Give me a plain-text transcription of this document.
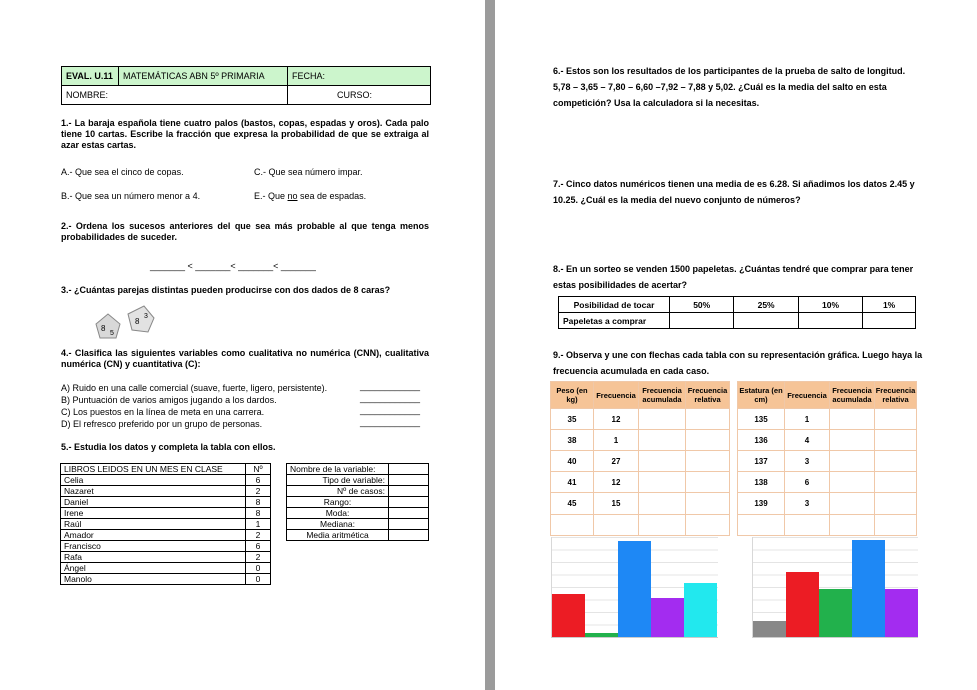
EVAL. U.11	MATEMÁTICAS ABN 5º PRIMARIA	FECHA:
NOMBRE:		CURSO:
1.- La baraja española tiene cuatro palos (bastos, copas, espadas y oros). Cada palo tiene 10 cartas. Escribe la fracción que expresa la probabilidad de que se extraiga al azar estas cartas.
A.- Que sea el cinco de copas.	C.- Que sea número impar.
B.- Que sea un número menor a 4.	E.- Que no sea de espadas.
2.- Ordena los sucesos anteriores del que sea más probable al que tenga menos probabilidades de suceder.
_______ < _______< _______< _______
3.- ¿Cuántas parejas distintas pueden producirse con dos dados de 8 caras?
8
5
8
3
4.- Clasifica las siguientes variables como cualitativa no numérica (CNN), cualitativa numérica (CN) y cuantitativa (C):
A) Ruido en una calle comercial (suave, fuerte, ligero, persistente).
B) Puntuación de varios amigos jugando a los dardos.
C) Los puestos en la línea de meta en una carrera.
D) El refresco preferido por un grupo de personas.
____________
____________
____________
____________
5.- Estudia los datos y completa la tabla con ellos.
LIBROS LEIDOS EN UN MES EN CLASE	Nº
Celia	6
Nazaret	2
Daniel	8
Irene	8
Raúl	1
Amador	2
Francisco	6
Rafa	2
Ángel	0
Manolo	0
Nombre de la variable:	
Tipo de variable:	
Nº de casos:	
Rango:	
Moda:	
Mediana:	
Media aritmética	
6.- Estos son los resultados de los participantes de la prueba de salto de longitud. 5,78 – 3,65 – 7,80 – 6,60 –7,92 – 7,88 y 5,02. ¿Cuál es la media del salto en esta competición? Usa la calculadora si la necesitas.
7.- Cinco datos numéricos tienen una media de es 6.28. Si añadimos los datos 2.45 y 10.25. ¿Cuál es la media del nuevo conjunto de números?
8.- En un sorteo se venden 1500 papeletas. ¿Cuántas tendré que comprar para tener estas posibilidades de acertar?
Posibilidad de tocar	50%	25%	10%	1%
Papeletas a comprar				
9.- Observa y une con flechas cada tabla con su representación gráfica. Luego haya la frecuencia acumulada en cada caso.
Peso (en kg)	Frecuencia	Frecuencia acumulada	Frecuencia relativa
35	12		
38	1		
40	27		
41	12		
45	15		

Estatura (en cm)	Frecuencia	Frecuencia acumulada	Frecuencia relativa
135	1		
136	4		
137	3		
138	6		
139	3		
